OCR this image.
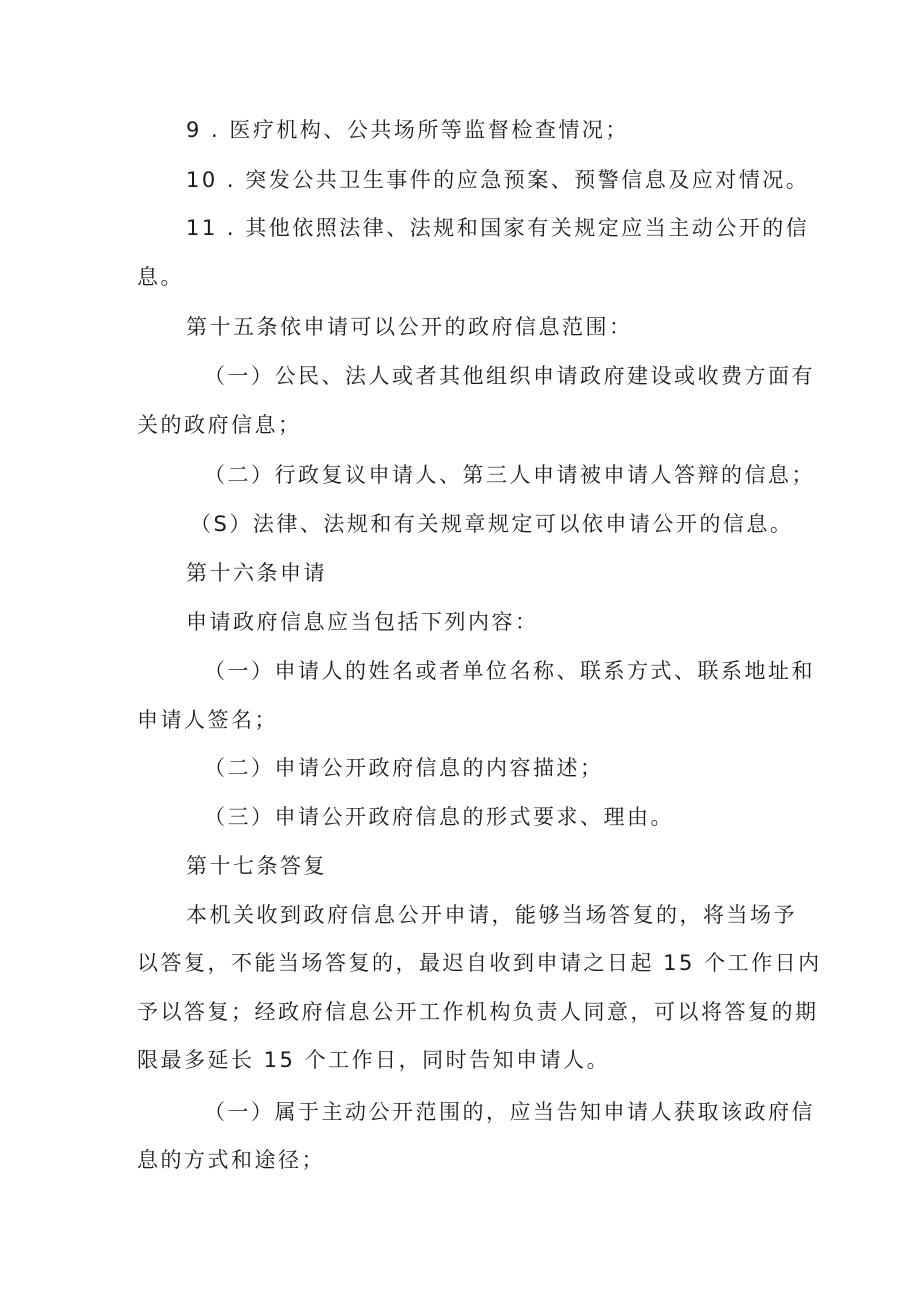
9 . 医疗机构、公共场所等监督检查情况；
10 . 突发公共卫生事件的应急预案、预警信息及应对情况。
11 . 其他依照法律、法规和国家有关规定应当主动公开的信
息。
第十五条依申请可以公开的政府信息范围：
（一）公民、法人或者其他组织申请政府建设或收费方面有
关的政府信息；
（二）行政复议申请人、第三人申请被申请人答辩的信息；
（S）法律、法规和有关规章规定可以依申请公开的信息。
第十六条申请
申请政府信息应当包括下列内容：
（一）申请人的姓名或者单位名称、联系方式、联系地址和
申请人签名；
（二）申请公开政府信息的内容描述；
（三）申请公开政府信息的形式要求、理由。
第十七条答复
本机关收到政府信息公开申请，能够当场答复的，将当场予
以答复，不能当场答复的，最迟自收到申请之日起 15 个工作日内
予以答复；经政府信息公开工作机构负责人同意，可以将答复的期
限最多延长 15 个工作日，同时告知申请人。
（一）属于主动公开范围的，应当告知申请人获取该政府信
息的方式和途径；
